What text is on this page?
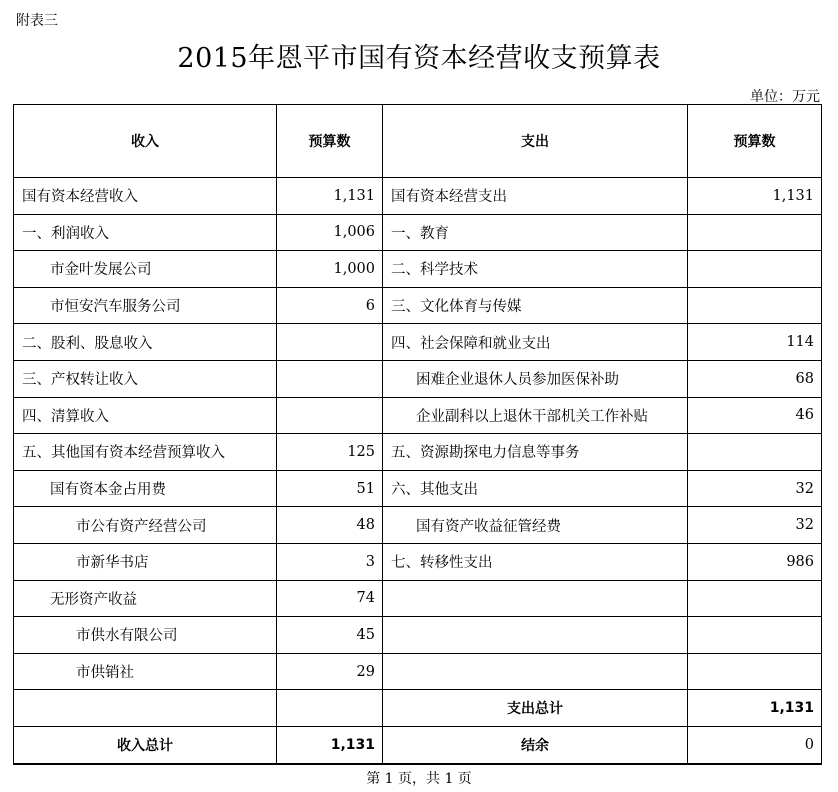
附表三
2015年恩平市国有资本经营收支预算表
单位：万元
收入	预算数	支出	预算数
国有资本经营收入	1,131	国有资本经营支出	1,131
一、利润收入	1,006	一、教育	
市金叶发展公司	1,000	二、科学技术	
市恒安汽车服务公司	6	三、文化体育与传媒	
二、股利、股息收入		四、社会保障和就业支出	114
三、产权转让收入		困难企业退休人员参加医保补助	68
四、清算收入		企业副科以上退休干部机关工作补贴	46
五、其他国有资本经营预算收入	125	五、资源勘探电力信息等事务	
国有资本金占用费	51	六、其他支出	32
市公有资产经营公司	48	国有资产收益征管经费	32
市新华书店	3	七、转移性支出	986
无形资产收益	74		
市供水有限公司	45		
市供销社	29		
		支出总计	1,131
收入总计	1,131	结余	0
第 1 页，共 1 页
